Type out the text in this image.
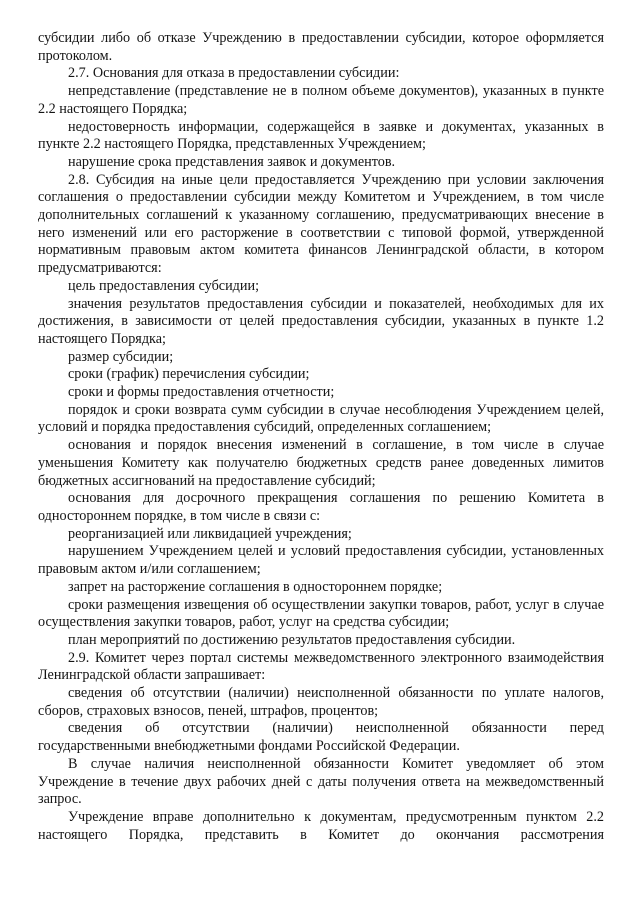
субсидии либо об отказе Учреждению в предоставлении субсидии, которое оформляется протоколом.

2.7. Основания для отказа в предоставлении субсидии:

непредставление (представление не в полном объеме документов), указанных в пункте 2.2 настоящего Порядка;

недостоверность информации, содержащейся в заявке и документах, указанных в пункте 2.2 настоящего Порядка, представленных Учреждением;

нарушение срока представления заявок и документов.

2.8. Субсидия на иные цели предоставляется Учреждению при условии заключения соглашения о предоставлении субсидии между Комитетом и Учреждением, в том числе дополнительных соглашений к указанному соглашению, предусматривающих внесение в него изменений или его расторжение в соответствии с типовой формой, утвержденной нормативным правовым актом комитета финансов Ленинградской области, в котором предусматриваются:

цель предоставления субсидии;

значения результатов предоставления субсидии и показателей, необходимых для их достижения, в зависимости от целей предоставления субсидии, указанных в пункте 1.2 настоящего Порядка;

размер субсидии;

сроки (график) перечисления субсидии;

сроки и формы предоставления отчетности;

порядок и сроки возврата сумм субсидии в случае несоблюдения Учреждением целей, условий и порядка предоставления субсидий, определенных соглашением;

основания и порядок внесения изменений в соглашение, в том числе в случае уменьшения Комитету как получателю бюджетных средств ранее доведенных лимитов бюджетных ассигнований на предоставление субсидий;

основания для досрочного прекращения соглашения по решению Комитета в одностороннем порядке, в том числе в связи с:

реорганизацией или ликвидацией учреждения;

нарушением Учреждением целей и условий предоставления субсидии, установленных правовым актом и/или соглашением;

запрет на расторжение соглашения в одностороннем порядке;

сроки размещения извещения об осуществлении закупки товаров, работ, услуг в случае осуществления закупки товаров, работ, услуг на средства субсидии;

план мероприятий по достижению результатов предоставления субсидии.

2.9. Комитет через портал системы межведомственного электронного взаимодействия Ленинградской области запрашивает:

сведения об отсутствии (наличии) неисполненной обязанности по уплате налогов, сборов, страховых взносов, пеней, штрафов, процентов;

сведения об отсутствии (наличии) неисполненной обязанности перед государственными внебюджетными фондами Российской Федерации.

В случае наличия неисполненной обязанности Комитет уведомляет об этом Учреждение в течение двух рабочих дней с даты получения ответа на межведомственный запрос.

Учреждение вправе дополнительно к документам, предусмотренным пунктом 2.2 настоящего Порядка, представить в Комитет до окончания рассмотрения
